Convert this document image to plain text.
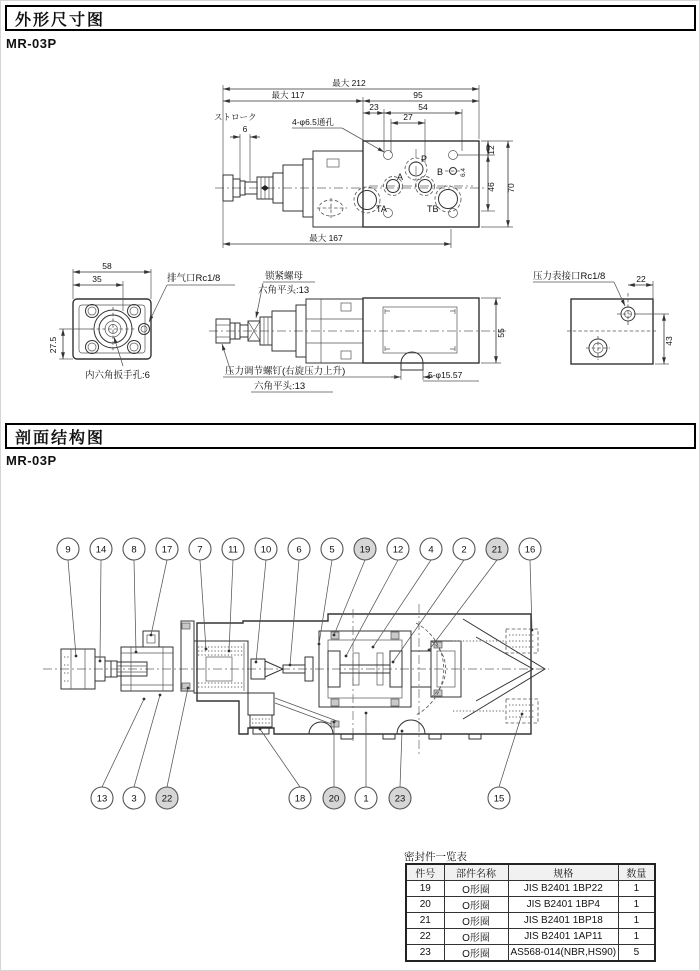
外形尺寸图
MR-03P
剖面结构图
MR-03P
最大 212
最大 117	95
23	54
27
ストローク
6
4-φ6.5通孔
P
A	B
TA	TB
6.4
12
46 70
最大 167
58
35
27.5
排气口Rc1/8
内六角扳手孔:6	5-φ15.57
55
锁紧螺母
六角平头:13
压力调节螺钉(右旋压力上升)
六角平头:13
压力表接口Rc1/8	22
43
9	14	8	17	7	11 10	6	5	19 12	4	2	21 16
13	3	22	18 20	1	23	15
密封件一览表
件号	部件名称	规格	数量
19	O形圈	JIS B2401 1BP22	1
20	O形圈	JIS B2401 1BP4	1
21	O形圈	JIS B2401 1BP18	1
22	O形圈	JIS B2401 1AP11	1
23	O形圈	AS568-014(NBR,HS90)	5
